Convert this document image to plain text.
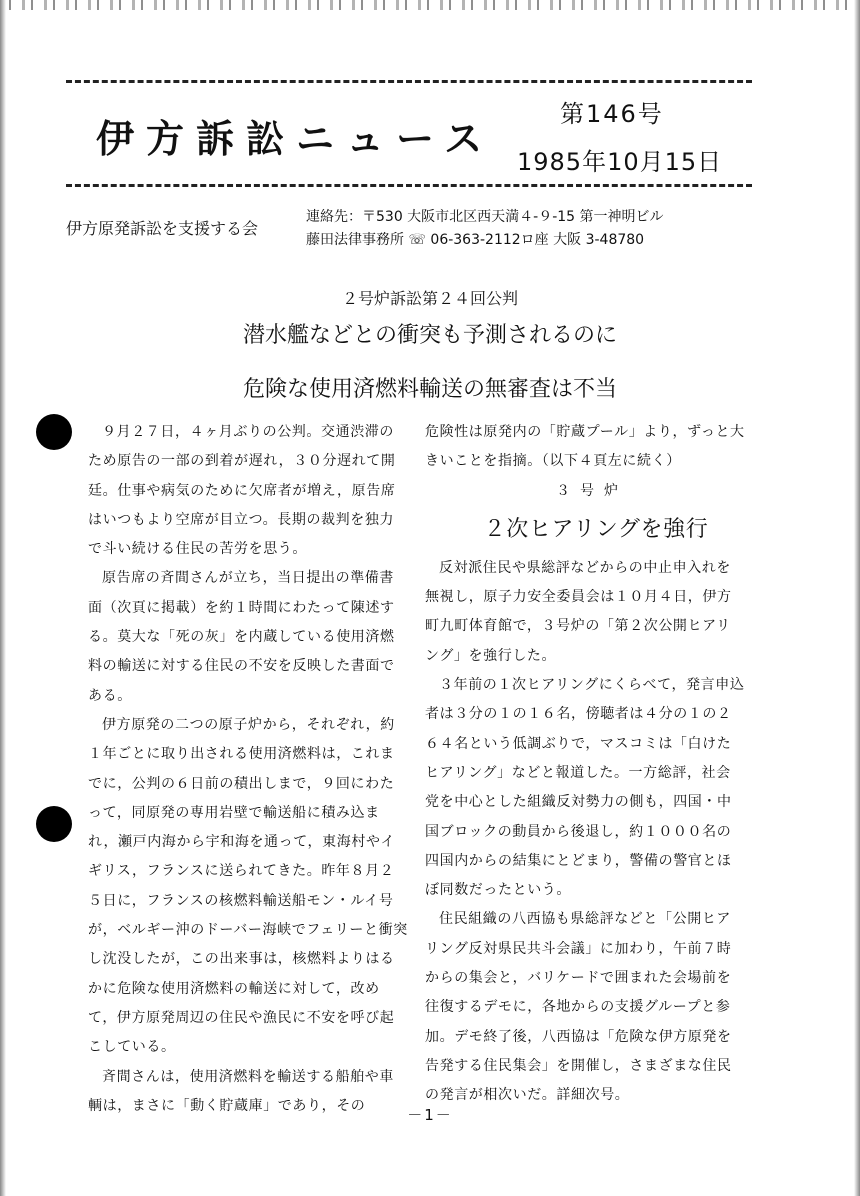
伊方訴訟ニュース
第146号
1985年10月15日
伊方原発訴訟を支援する会
連絡先：〒530 大阪市北区西天満４-９-15 第一神明ビル
藤田法律事務所 ☏ 06-363-2112ロ座 大阪 3-48780
２号炉訴訟第２４回公判
潜水艦などとの衝突も予測されるのに
危険な使用済燃料輸送の無審査は不当

９月２７日，４ヶ月ぶりの公判。交通渋滞のため原告の一部の到着が遅れ，３０分遅れて開廷。仕事や病気のために欠席者が増え，原告席はいつもより空席が目立つ。長期の裁判を独力で斗い続ける住民の苦労を思う。

原告席の斉間さんが立ち，当日提出の準備書面（次頁に掲載）を約１時間にわたって陳述する。莫大な「死の灰」を内蔵している使用済燃料の輸送に対する住民の不安を反映した書面である。

伊方原発の二つの原子炉から，それぞれ，約１年ごとに取り出される使用済燃料は，これまでに，公判の６日前の積出しまで，９回にわたって，同原発の専用岩壁で輸送船に積み込まれ，瀬戸内海から宇和海を通って，東海村やイギリス，フランスに送られてきた。昨年８月２５日に，フランスの核燃料輸送船モン・ルイ号が，ベルギー沖のドーバー海峡でフェリーと衝突し沈没したが，この出来事は，核燃料よりはるかに危険な使用済燃料の輸送に対して，改めて，伊方原発周辺の住民や漁民に不安を呼び起こしている。

斉間さんは，使用済燃料を輸送する船舶や車輌は，まさに「動く貯蔵庫」であり，その

危険性は原発内の「貯蔵プール」より，ずっと大きいことを指摘。（以下４頁左に続く）

３号炉

２次ヒアリングを強行

反対派住民や県総評などからの中止申入れを無視し，原子力安全委員会は１０月４日，伊方町九町体育館で，３号炉の「第２次公開ヒアリング」を強行した。

３年前の１次ヒアリングにくらべて，発言申込者は３分の１の１６名，傍聴者は４分の１の２６４名という低調ぶりで，マスコミは「白けたヒアリング」などと報道した。一方総評，社会党を中心とした組織反対勢力の側も，四国・中国ブロックの動員から後退し，約１０００名の四国内からの結集にとどまり，警備の警官とほぼ同数だったという。

住民組織の八西協も県総評などと「公開ヒアリング反対県民共斗会議」に加わり，午前７時からの集会と，バリケードで囲まれた会場前を往復するデモに，各地からの支援グループと参加。デモ終了後，八西協は「危険な伊方原発を告発する住民集会」を開催し，さまざまな住民の発言が相次いだ。詳細次号。

－1－
